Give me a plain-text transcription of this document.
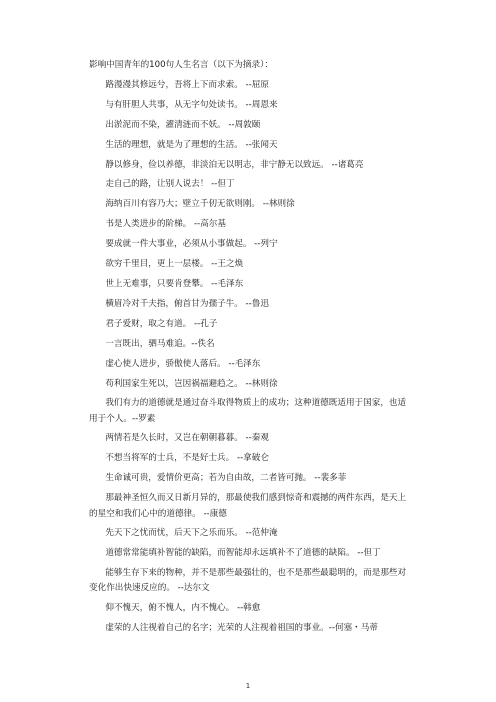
影响中国青年的100句人生名言（以下为摘录）：

路漫漫其修远兮，吾将上下而求索。 --屈原

与有肝胆人共事，从无字句处读书。 --周恩来

出淤泥而不染，濯清涟而不妖。 --周敦颐

生活的理想，就是为了理想的生活。 --张闻天

静以修身，俭以养德，非淡泊无以明志，非宁静无以致远。 --诸葛亮

走自己的路，让别人说去！ --但丁

海纳百川有容乃大；壁立千仞无欲则刚。 --林则徐

书是人类进步的阶梯。 --高尔基

要成就一件大事业，必须从小事做起。 --列宁

欲穷千里目，更上一层楼。 --王之焕

世上无难事，只要肯登攀。 --毛泽东

横眉冷对千夫指，俯首甘为孺子牛。 --鲁迅

君子爱财，取之有道。 --孔子

一言既出，驷马难追。--佚名

虚心使人进步，骄傲使人落后。 --毛泽东

苟利国家生死以，岂因祸福避趋之。 --林则徐

我们有力的道德就是通过奋斗取得物质上的成功；这种道德既适用于国家，也适用于个人。--罗素

两情若是久长时，又岂在朝朝暮暮。 --秦观

不想当将军的士兵，不是好士兵。 --拿破仑

生命诚可贵，爱情价更高；若为自由故，二者皆可抛。 --裴多菲

那最神圣恒久而又日新月异的，那最使我们感到惊奇和震撼的两件东西，是天上的星空和我们心中的道德律。 --康德

先天下之忧而忧，后天下之乐而乐。 --范仲淹

道德常常能填补智能的缺陷，而智能却永远填补不了道德的缺陷。 --但丁

能够生存下来的物种，并不是那些最强壮的，也不是那些最聪明的，而是那些对变化作出快速反应的。 --达尔文

仰不愧天，俯不愧人，内不愧心。 --韩愈

虚荣的人注视着自己的名字；光荣的人注视着祖国的事业。--何塞・马蒂

1
